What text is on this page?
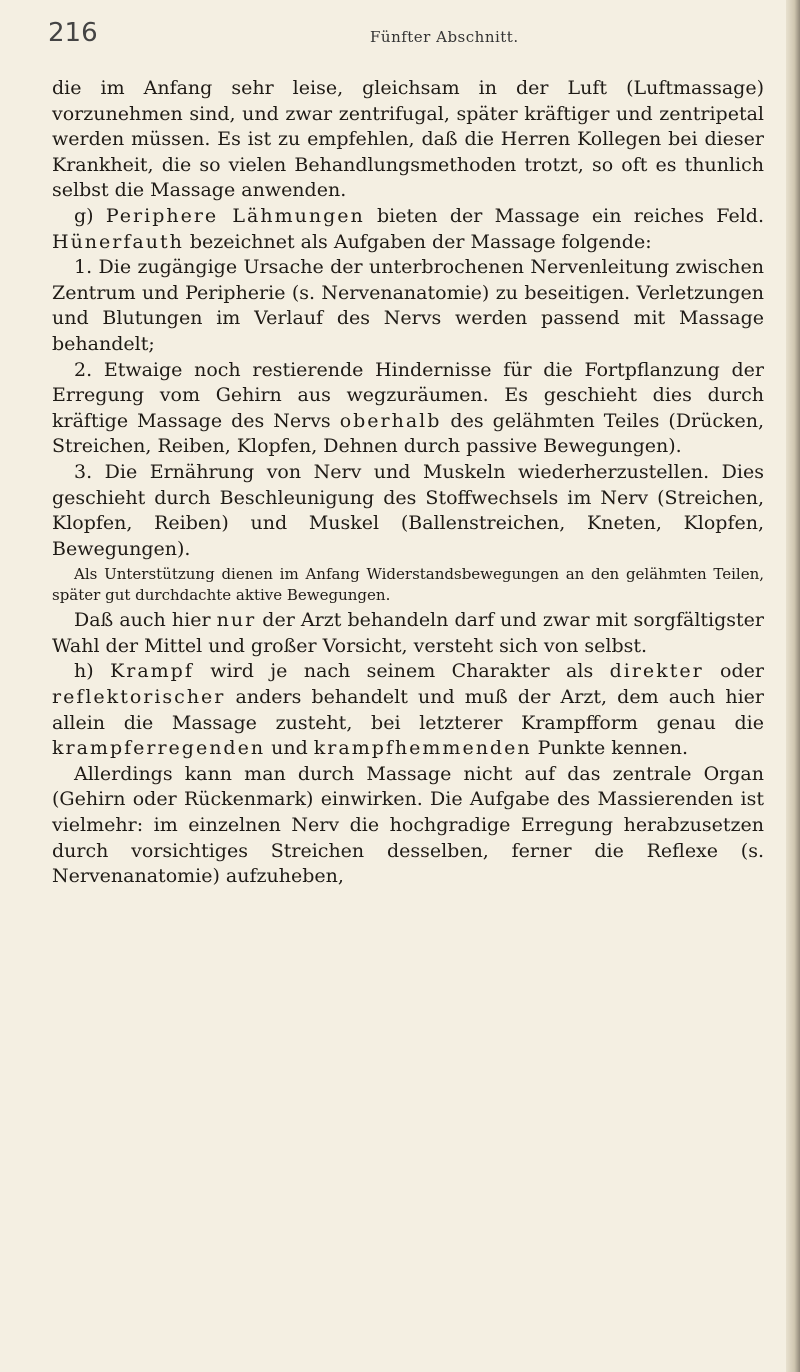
216	Fünfter Abschnitt.

die im Anfang sehr leise, gleichsam in der Luft (Luftmassage) vorzunehmen sind, und zwar zentrifugal, später kräftiger und zentripetal werden müssen. Es ist zu empfehlen, daß die Herren Kollegen bei dieser Krankheit, die so vielen Behandlungsmethoden trotzt, so oft es thunlich selbst die Massage anwenden.

g) Periphere Lähmungen bieten der Massage ein reiches Feld. Hünerfauth bezeichnet als Aufgaben der Massage folgende:

1. Die zugängige Ursache der unterbrochenen Nervenleitung zwischen Zentrum und Peripherie (s. Nervenanatomie) zu beseitigen. Verletzungen und Blutungen im Verlauf des Nervs werden passend mit Massage behandelt;

2. Etwaige noch restierende Hindernisse für die Fortpflanzung der Erregung vom Gehirn aus wegzuräumen. Es geschieht dies durch kräftige Massage des Nervs oberhalb des gelähmten Teiles (Drücken, Streichen, Reiben, Klopfen, Dehnen durch passive Bewegungen).

3. Die Ernährung von Nerv und Muskeln wiederherzustellen. Dies geschieht durch Beschleunigung des Stoffwechsels im Nerv (Streichen, Klopfen, Reiben) und Muskel (Ballenstreichen, Kneten, Klopfen, Bewegungen).

Als Unterstützung dienen im Anfang Widerstandsbewegungen an den gelähmten Teilen, später gut durchdachte aktive Bewegungen.

Daß auch hier nur der Arzt behandeln darf und zwar mit sorgfältigster Wahl der Mittel und großer Vorsicht, versteht sich von selbst.

h) Krampf wird je nach seinem Charakter als direkter oder reflektorischer anders behandelt und muß der Arzt, dem auch hier allein die Massage zusteht, bei letzterer Krampfform genau die krampferregenden und krampfhemmenden Punkte kennen.

Allerdings kann man durch Massage nicht auf das zentrale Organ (Gehirn oder Rückenmark) einwirken. Die Aufgabe des Massierenden ist vielmehr: im einzelnen Nerv die hochgradige Erregung herabzusetzen durch vorsichtiges Streichen desselben, ferner die Reflexe (s. Nervenanatomie) aufzuheben,
